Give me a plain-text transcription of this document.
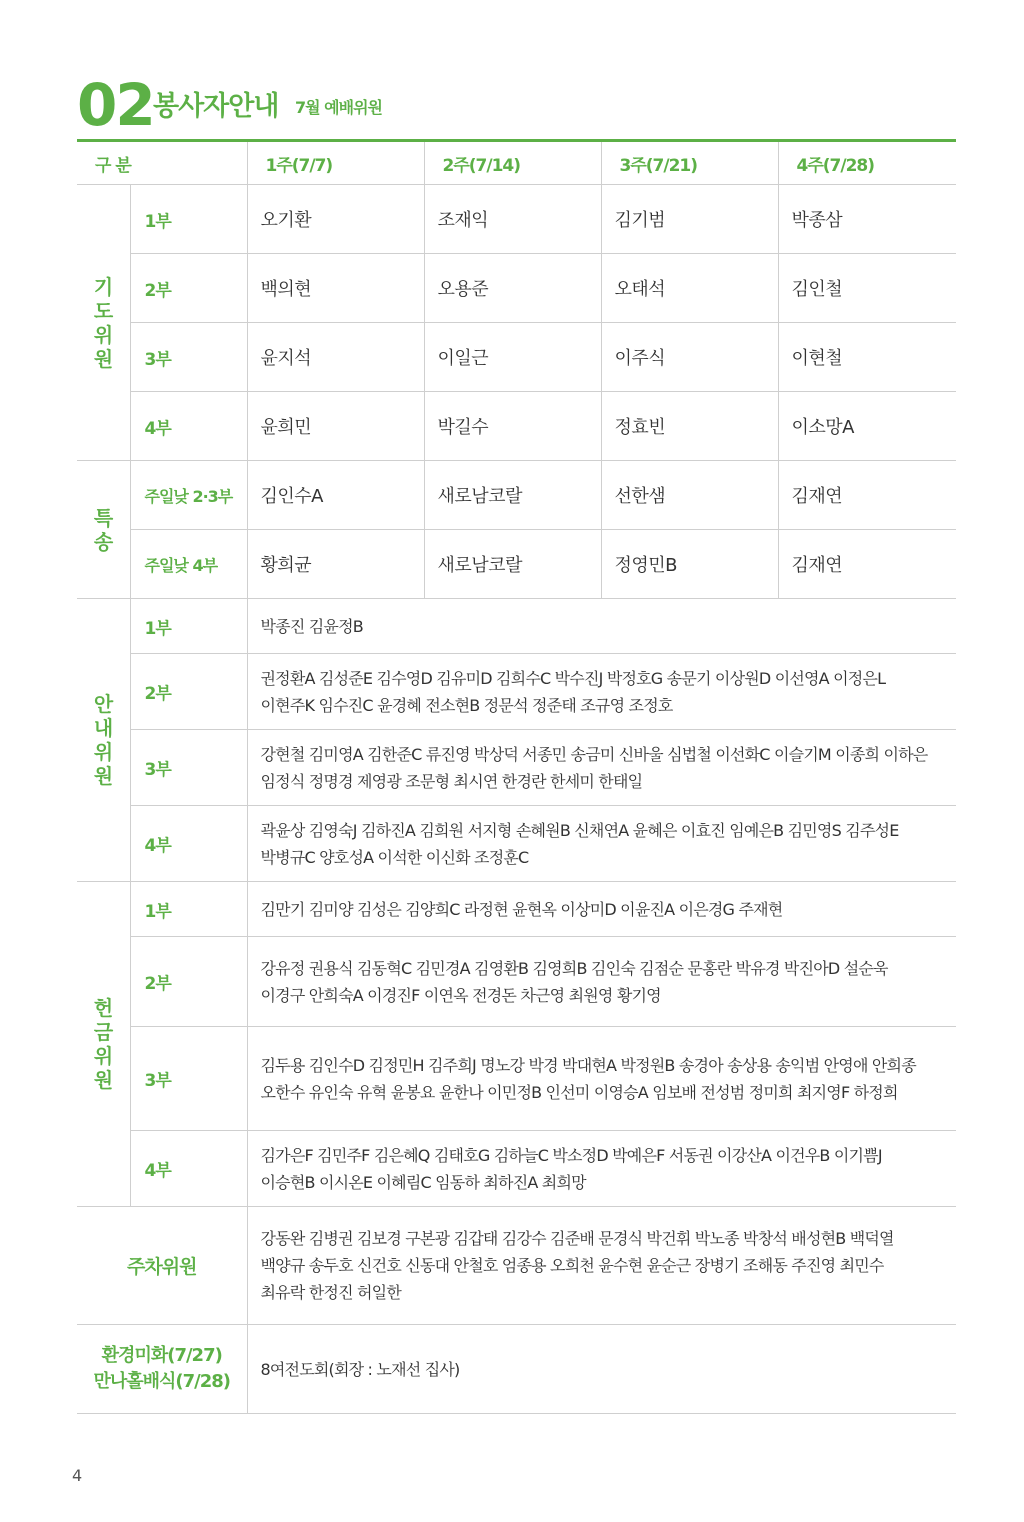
02 봉사자안내 7월 예배위원
구 분		1주(7/7)	2주(7/14)	3주(7/21)	4주(7/28)
기도위원	1부	오기환	조재익	김기범	박종삼
	2부	백의현	오용준	오태석	김인철
	3부	윤지석	이일근	이주식	이현철
	4부	윤희민	박길수	정효빈	이소망A
특송	주일낮 2·3부	김인수A	새로남코랄	선한샘	김재연
	주일낮 4부	황희균	새로남코랄	정영민B	김재연
안내위원	1부	박종진 김윤정B			

	2부	권정환A 김성준E 김수영D 김유미D 김희수C 박수진J 박정호G 송문기 이상원D 이선영A 이정은L
이현주K 임수진C 윤경혜 전소현B 정문석 정준태 조규영 조정호			

	3부	강현철 김미영A 김한준C 류진영 박상덕 서종민 송금미 신바울 심법철 이선화C 이슬기M 이종희 이하은
임정식 정명경 제영광 조문형 최시연 한경란 한세미 한태일			

	4부	곽윤상 김영숙J 김하진A 김희원 서지형 손혜원B 신채연A 윤혜은 이효진 임예은B 김민영S 김주성E
박병규C 양호성A 이석한 이신화 조정훈C			

헌금위원	1부	김만기 김미양 김성은 김양희C 라정현 윤현옥 이상미D 이윤진A 이은경G 주재현			

	2부	강유정 권용식 김동혁C 김민경A 김영환B 김영희B 김인숙 김점순 문홍란 박유경 박진아D 설순욱
이경구 안희숙A 이경진F 이연옥 전경돈 차근영 최원영 황기영			

	3부	김두용 김인수D 김정민H 김주희J 명노강 박경 박대현A 박정원B 송경아 송상용 송익범 안영애 안희종
오한수 유인숙 유혁 윤봉요 윤한나 이민정B 인선미 이영승A 임보배 전성범 정미희 최지영F 하정희			

	4부	김가은F 김민주F 김은혜Q 김태호G 김하늘C 박소정D 박예은F 서동권 이강산A 이건우B 이기쁨J
이승현B 이시온E 이혜림C 임동하 최하진A 최희망			

주차위원		강동완 김병권 김보경 구본광 김갑태 김강수 김준배 문경식 박건휘 박노종 박창석 배성현B 백덕열
백양규 송두호 신건호 신동대 안철호 엄종용 오희천 윤수현 윤순근 장병기 조해동 주진영 최민수
최유락 한정진 허일한			

환경미화(7/27)
만나홀배식(7/28)		8여전도회(회장 : 노재선 집사)			
4
